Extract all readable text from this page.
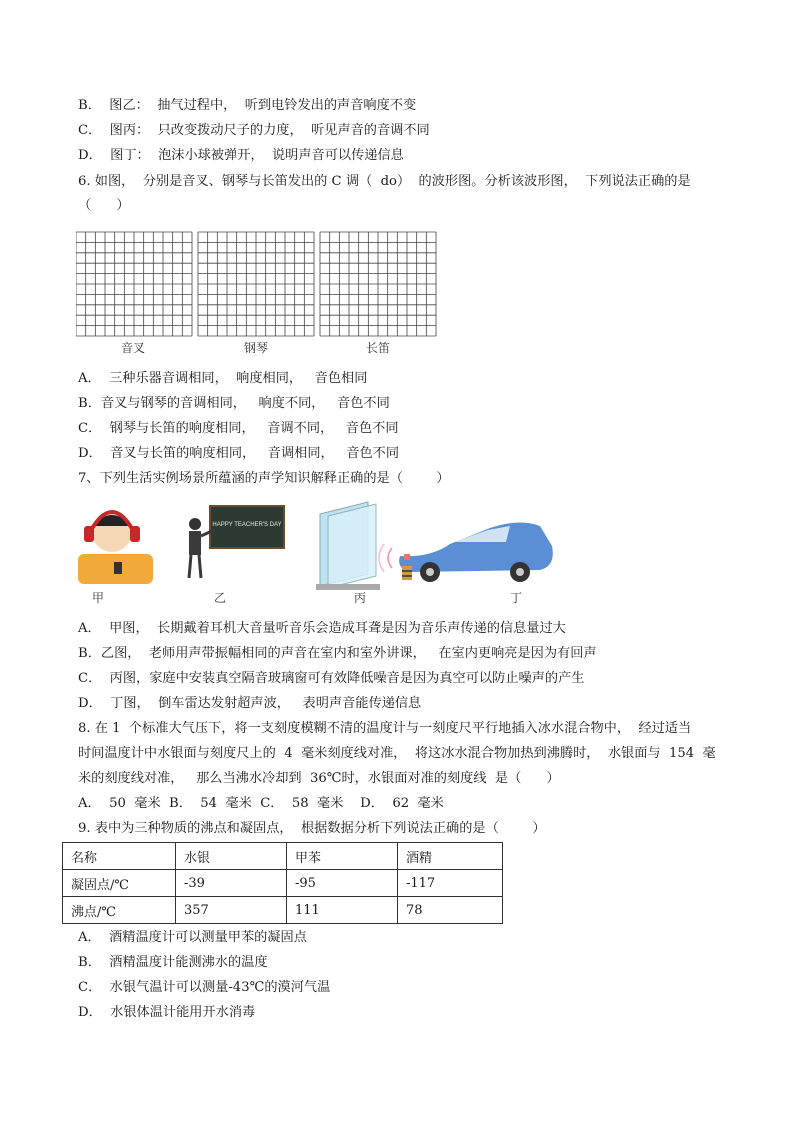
B．  图乙：  抽气过程中，  听到电铃发出的声音响度不变
C．  图丙：  只改变拨动尺子的力度，  听见声音的音调不同
D．  图丁：  泡沫小球被弹开，  说明声音可以传递信息
6. 如图，  分别是音叉、钢琴与长笛发出的 C 调（  do）  的波形图。分析该波形图，  下列说法正确的是
（      ）
音叉	钢琴	长笛
A．  三种乐器音调相同，  响度相同，   音色相同
B．音叉与钢琴的音调相同，   响度不同，   音色不同
C．  钢琴与长笛的响度相同，   音调不同，   音色不同
D．  音叉与长笛的响度相同，   音调相同，   音色不同
7、下列生活实例场景所蕴涵的声学知识解释正确的是（        ）
HAPPY TEACHER'S DAY
甲	乙	丙	丁
A．  甲图，  长期戴着耳机大音量听音乐会造成耳聋是因为音乐声传递的信息量过大
B．乙图，  老师用声带振幅相同的声音在室内和室外讲课，   在室内更响亮是因为有回声
C．  丙图，家庭中安装真空隔音玻璃窗可有效降低噪音是因为真空可以防止噪声的产生
D．  丁图，  倒车雷达发射超声波，   表明声音能传递信息
8. 在 1  个标准大气压下，将一支刻度模糊不清的温度计与一刻度尺平行地插入冰水混合物中，  经过适当
时间温度计中水银面与刻度尺上的  4  毫米刻度线对准，  将这冰水混合物加热到沸腾时，  水银面与  154  毫
米的刻度线对准，   那么当沸水冷却到  36℃时，水银面对准的刻度线  是（      ）
A．  50  毫米  B．  54  毫米  C．  58  毫米    D．  62  毫米
9. 表中为三种物质的沸点和凝固点，  根据数据分析下列说法正确的是（        ）
名称	水银	甲苯	酒精
凝固点/℃	-39	-95	-117
沸点/℃	357	111	78
A．  酒精温度计可以测量甲苯的凝固点
B．  酒精温度计能测沸水的温度
C．  水银气温计可以测量-43℃的漠河气温
D．  水银体温计能用开水消毒
